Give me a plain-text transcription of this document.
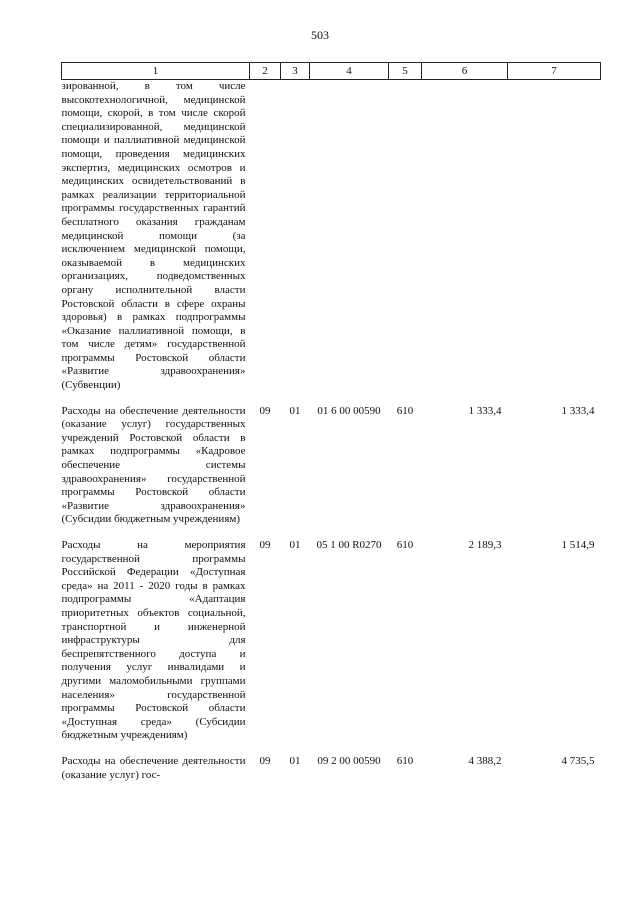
503
1	2	3	4	5	6	7
зированной, в том числе высокотехнологичной, медицинской помощи, скорой, в том числе скорой специализированной, медицинской помощи и паллиативной медицинской помощи, проведения медицинских экспертиз, медицинских осмотров и медицинских освидетельствований в рамках реализации территориальной программы государственных гарантий бесплатного оказания гражданам медицинской помощи (за исключением медицинской помощи, оказываемой в медицинских организациях, подведомственных органу исполнительной власти Ростовской области в сфере охраны здоровья) в рамках подпрограммы «Оказание паллиативной помощи, в том числе детям» государственной программы Ростовской области «Развитие здравоохранения» (Субвенции)						
Расходы на обеспечение деятельности (оказание услуг) государственных учреждений Ростовской области в рамках подпрограммы «Кадровое обеспечение системы здравоохранения» государственной программы Ростовской области «Развитие здравоохранения» (Субсидии бюджетным учреждениям)	09	01	01 6 00 00590	610	1 333,4	1 333,4
Расходы на мероприятия государственной программы Российской Федерации «Доступная среда» на 2011 - 2020 годы в рамках подпрограммы «Адаптация приоритетных объектов социальной, транспортной и инженерной инфраструктуры для беспрепятственного доступа и получения услуг инвалидами и другими маломобильными группами населения» государственной программы Ростовской области «Доступная среда» (Субсидии бюджетным учреждениям)	09	01	05 1 00 R0270	610	2 189,3	1 514,9
Расходы на обеспечение деятельности (оказание услуг) гос-	09	01	09 2 00 00590	610	4 388,2	4 735,5
